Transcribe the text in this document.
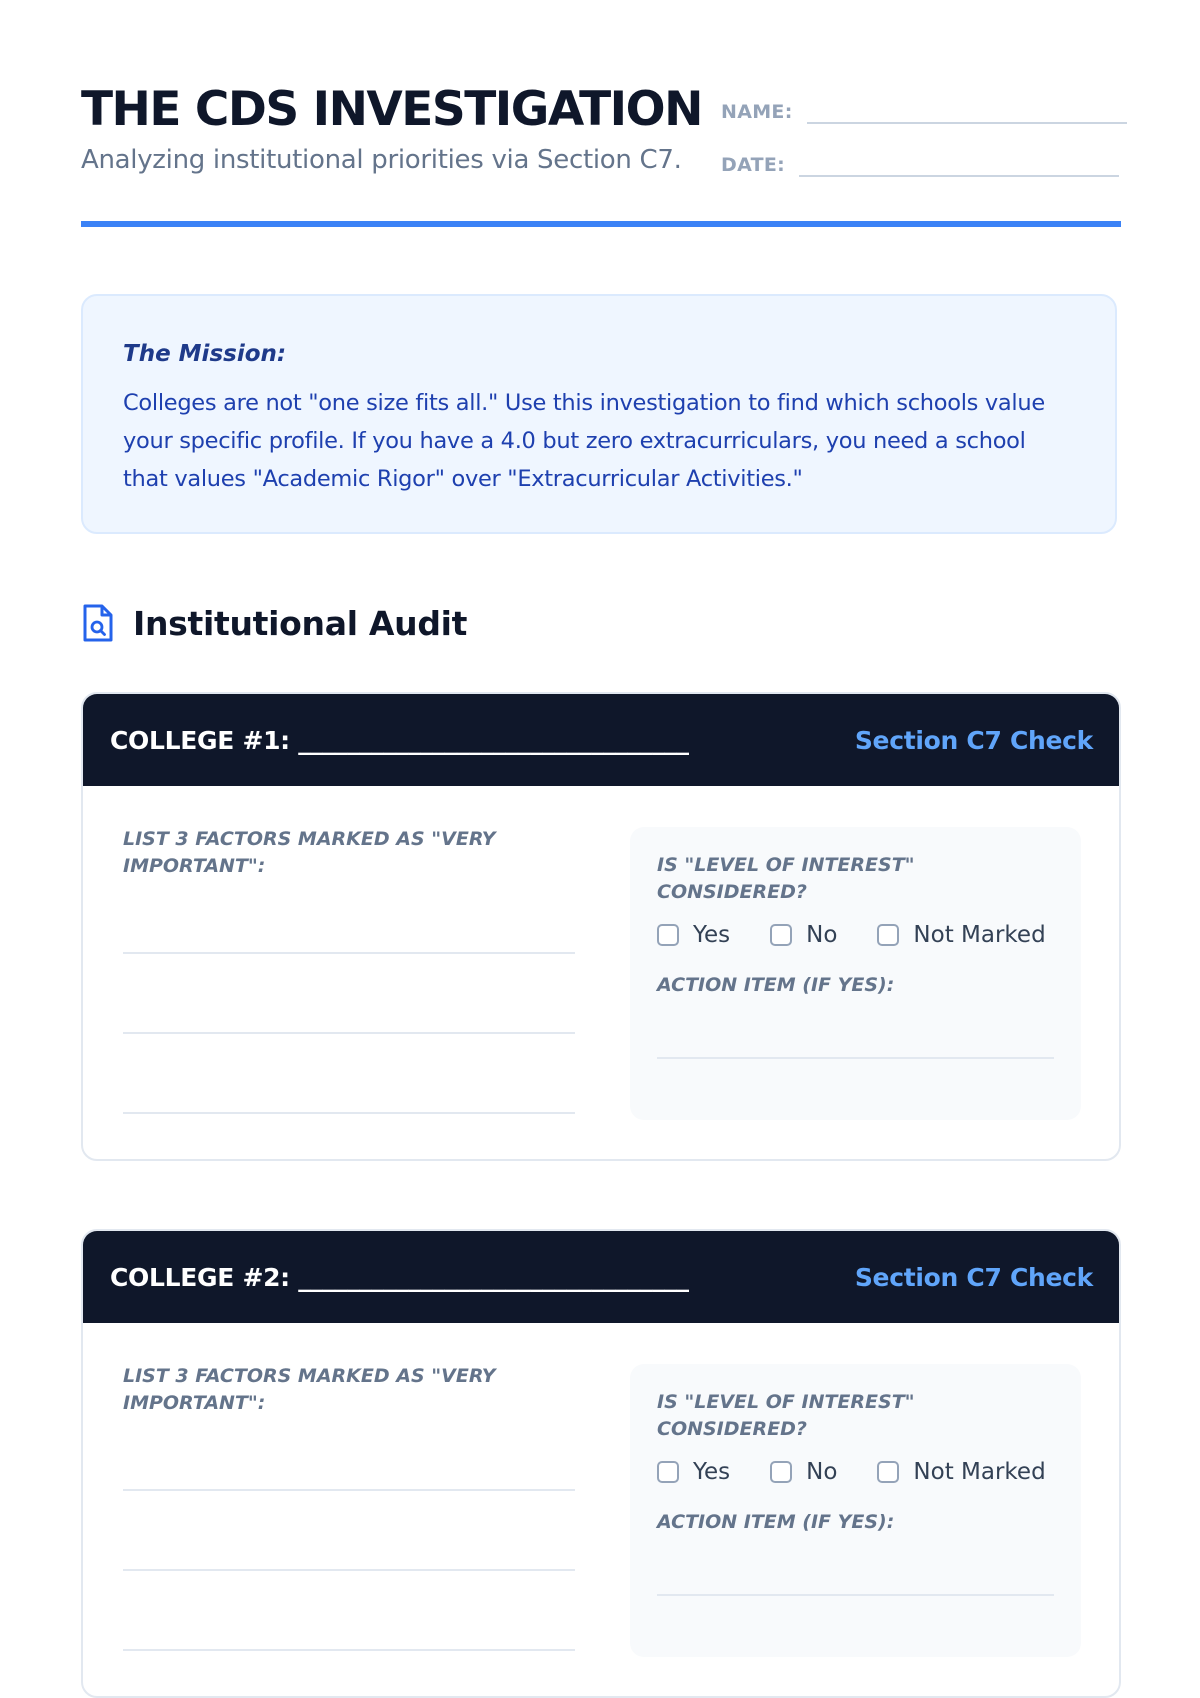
THE CDS INVESTIGATION
Analyzing institutional priorities via Section C7.
NAME:
DATE:

The Mission:

Colleges are not "one size fits all." Use this investigation to find which schools value your specific profile. If you have a 4.0 but zero extracurriculars, you need a school that values "Academic Rigor" over "Extracurricular Activities."

Institutional Audit
COLLEGE #1: ________________________________	Section C7 Check
LIST 3 FACTORS MARKED AS "VERY IMPORTANT":	IS "LEVEL OF INTEREST" CONSIDERED?
Yes	No	Not Marked
ACTION ITEM (IF YES):
COLLEGE #2: ________________________________	Section C7 Check
LIST 3 FACTORS MARKED AS "VERY IMPORTANT":	IS "LEVEL OF INTEREST" CONSIDERED?
Yes	No	Not Marked
ACTION ITEM (IF YES):
